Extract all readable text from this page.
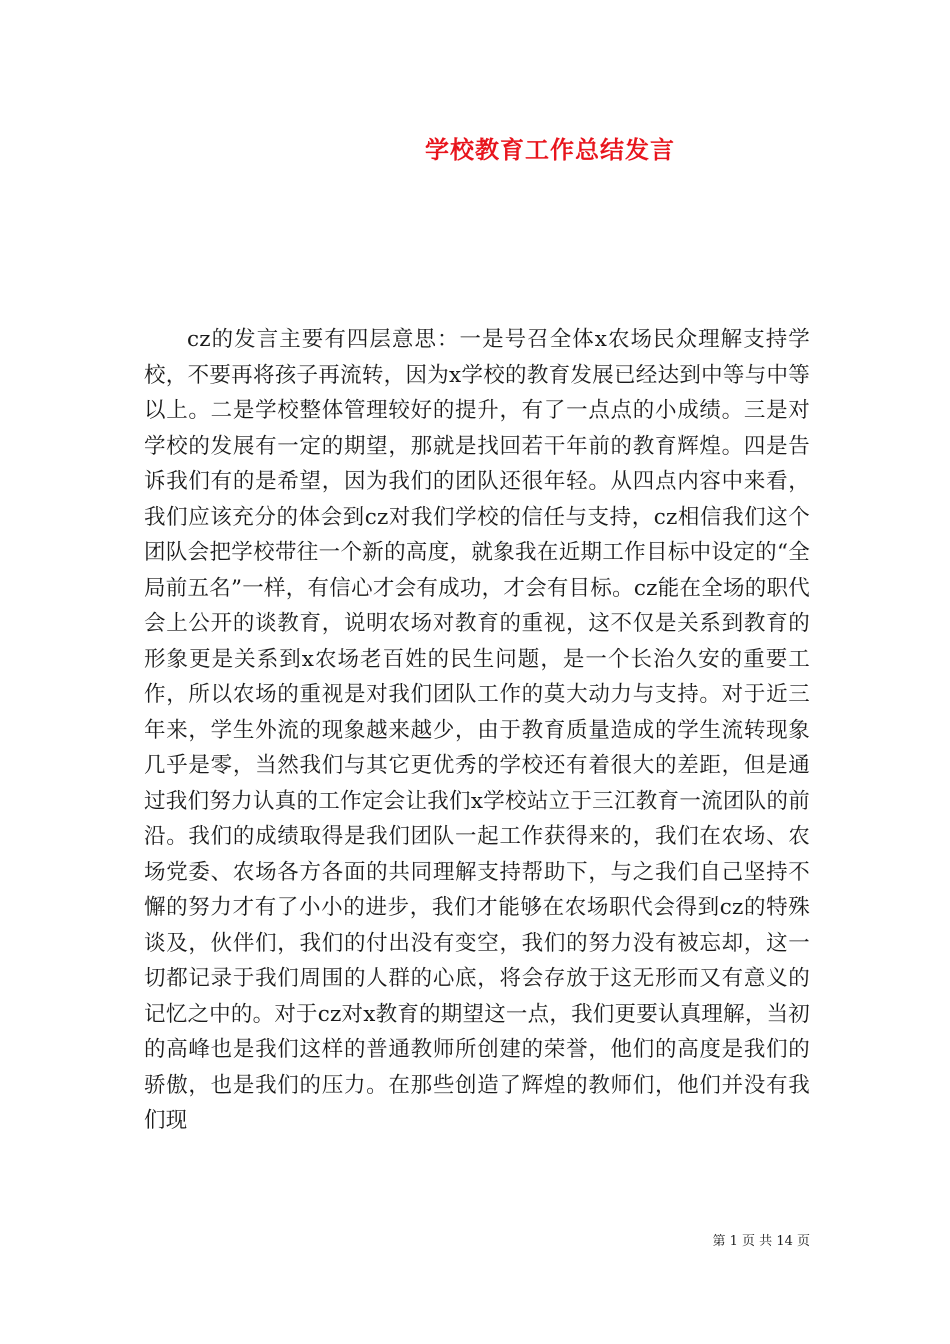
学校教育工作总结发言

cz的发言主要有四层意思：一是号召全体x农场民众理解支持学校，不要再将孩子再流转，因为x学校的教育发展已经达到中等与中等以上。二是学校整体管理较好的提升，有了一点点的小成绩。三是对学校的发展有一定的期望，那就是找回若干年前的教育辉煌。四是告诉我们有的是希望，因为我们的团队还很年轻。从四点内容中来看，我们应该充分的体会到cz对我们学校的信任与支持，cz相信我们这个团队会把学校带往一个新的高度，就象我在近期工作目标中设定的“全局前五名”一样，有信心才会有成功，才会有目标。cz能在全场的职代会上公开的谈教育，说明农场对教育的重视，这不仅是关系到教育的形象更是关系到x农场老百姓的民生问题，是一个长治久安的重要工作，所以农场的重视是对我们团队工作的莫大动力与支持。对于近三年来，学生外流的现象越来越少，由于教育质量造成的学生流转现象几乎是零，当然我们与其它更优秀的学校还有着很大的差距，但是通过我们努力认真的工作定会让我们x学校站立于三江教育一流团队的前沿。我们的成绩取得是我们团队一起工作获得来的，我们在农场、农场党委、农场各方各面的共同理解支持帮助下，与之我们自己坚持不懈的努力才有了小小的进步，我们才能够在农场职代会得到cz的特殊谈及，伙伴们，我们的付出没有变空，我们的努力没有被忘却，这一切都记录于我们周围的人群的心底，将会存放于这无形而又有意义的记忆之中的。对于cz对x教育的期望这一点，我们更要认真理解，当初的高峰也是我们这样的普通教师所创建的荣誉，他们的高度是我们的骄傲，也是我们的压力。在那些创造了辉煌的教师们，他们并没有我们现

第 1 页 共 14 页
